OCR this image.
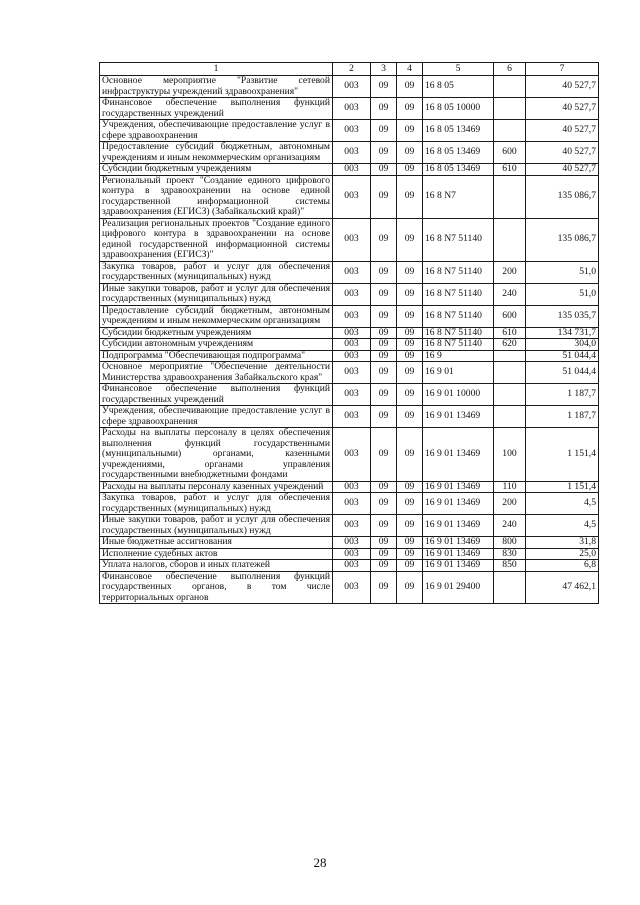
1	2	3	4	5	6	7
Основное мероприятие "Развитие сетевой инфраструктуры учреждений здравоохранения"	003	09	09	16 8 05		40 527,7
Финансовое обеспечение выполнения функций государственных учреждений	003	09	09	16 8 05 10000		40 527,7
Учреждения, обеспечивающие предоставление услуг в сфере здравоохранения	003	09	09	16 8 05 13469		40 527,7
Предоставление субсидий бюджетным, автономным учреждениям и иным некоммерческим организациям	003	09	09	16 8 05 13469	600	40 527,7
Субсидии бюджетным учреждениям	003	09	09	16 8 05 13469	610	40 527,7
Региональный проект "Создание единого цифрового контура в здравоохранении на основе единой государственной информационной системы здравоохранения (ЕГИСЗ) (Забайкальский край)"	003	09	09	16 8 N7		135 086,7
Реализация региональных проектов "Создание единого цифрового контура в здравоохранении на основе единой государственной информационной системы здравоохранения (ЕГИСЗ)"	003	09	09	16 8 N7 51140		135 086,7
Закупка товаров, работ и услуг для обеспечения государственных (муниципальных) нужд	003	09	09	16 8 N7 51140	200	51,0
Иные закупки товаров, работ и услуг для обеспечения государственных (муниципальных) нужд	003	09	09	16 8 N7 51140	240	51,0
Предоставление субсидий бюджетным, автономным учреждениям и иным некоммерческим организациям	003	09	09	16 8 N7 51140	600	135 035,7
Субсидии бюджетным учреждениям	003	09	09	16 8 N7 51140	610	134 731,7
Субсидии автономным учреждениям	003	09	09	16 8 N7 51140	620	304,0
Подпрограмма "Обеспечивающая подпрограмма"	003	09	09	16 9		51 044,4
Основное мероприятие "Обеспечение деятельности Министерства здравоохранения Забайкальского края"	003	09	09	16 9 01		51 044,4
Финансовое обеспечение выполнения функций государственных учреждений	003	09	09	16 9 01 10000		1 187,7
Учреждения, обеспечивающие предоставление услуг в сфере здравоохранения	003	09	09	16 9 01 13469		1 187,7
Расходы на выплаты персоналу в целях обеспечения выполнения функций государственными (муниципальными) органами, казенными учреждениями, органами управления государственными внебюджетными фондами	003	09	09	16 9 01 13469	100	1 151,4
Расходы на выплаты персоналу казенных учреждений	003	09	09	16 9 01 13469	110	1 151,4
Закупка товаров, работ и услуг для обеспечения государственных (муниципальных) нужд	003	09	09	16 9 01 13469	200	4,5
Иные закупки товаров, работ и услуг для обеспечения государственных (муниципальных) нужд	003	09	09	16 9 01 13469	240	4,5
Иные бюджетные ассигнования	003	09	09	16 9 01 13469	800	31,8
Исполнение судебных актов	003	09	09	16 9 01 13469	830	25,0
Уплата налогов, сборов и иных платежей	003	09	09	16 9 01 13469	850	6,8
Финансовое обеспечение выполнения функций государственных органов, в том числе территориальных органов	003	09	09	16 9 01 29400		47 462,1
28
